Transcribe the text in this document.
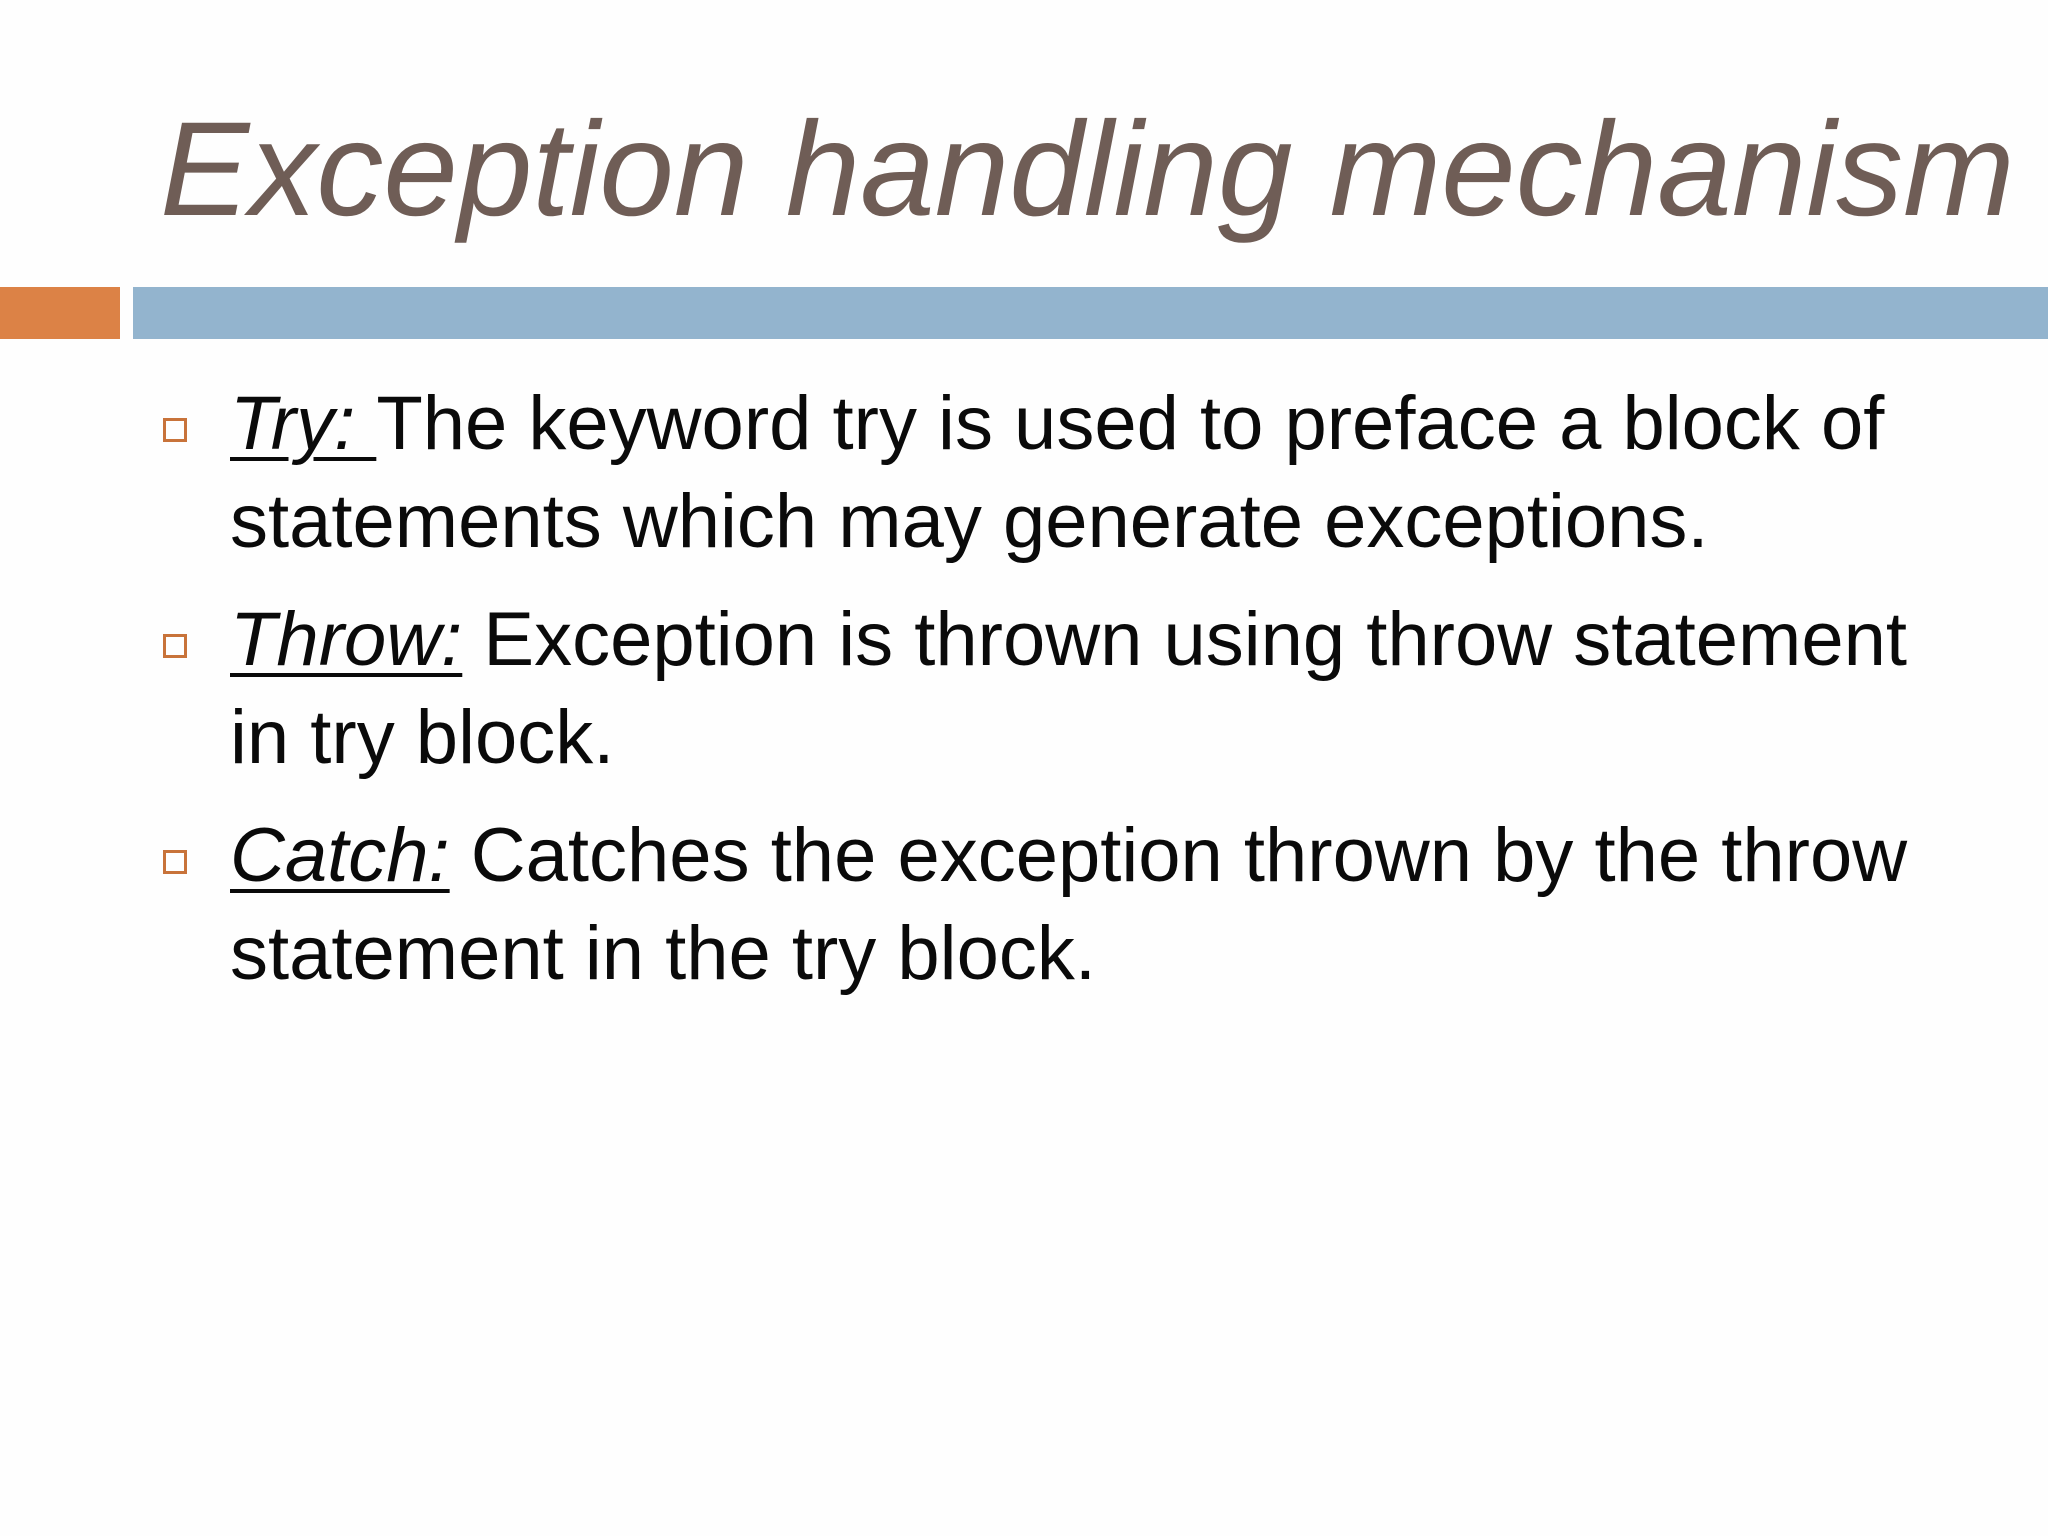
Exception handling mechanism
Try: The keyword try is used to preface a block of statements which may generate exceptions.
Throw: Exception is thrown using throw statement in try block.
Catch: Catches the exception thrown by the throw statement in the try block.
